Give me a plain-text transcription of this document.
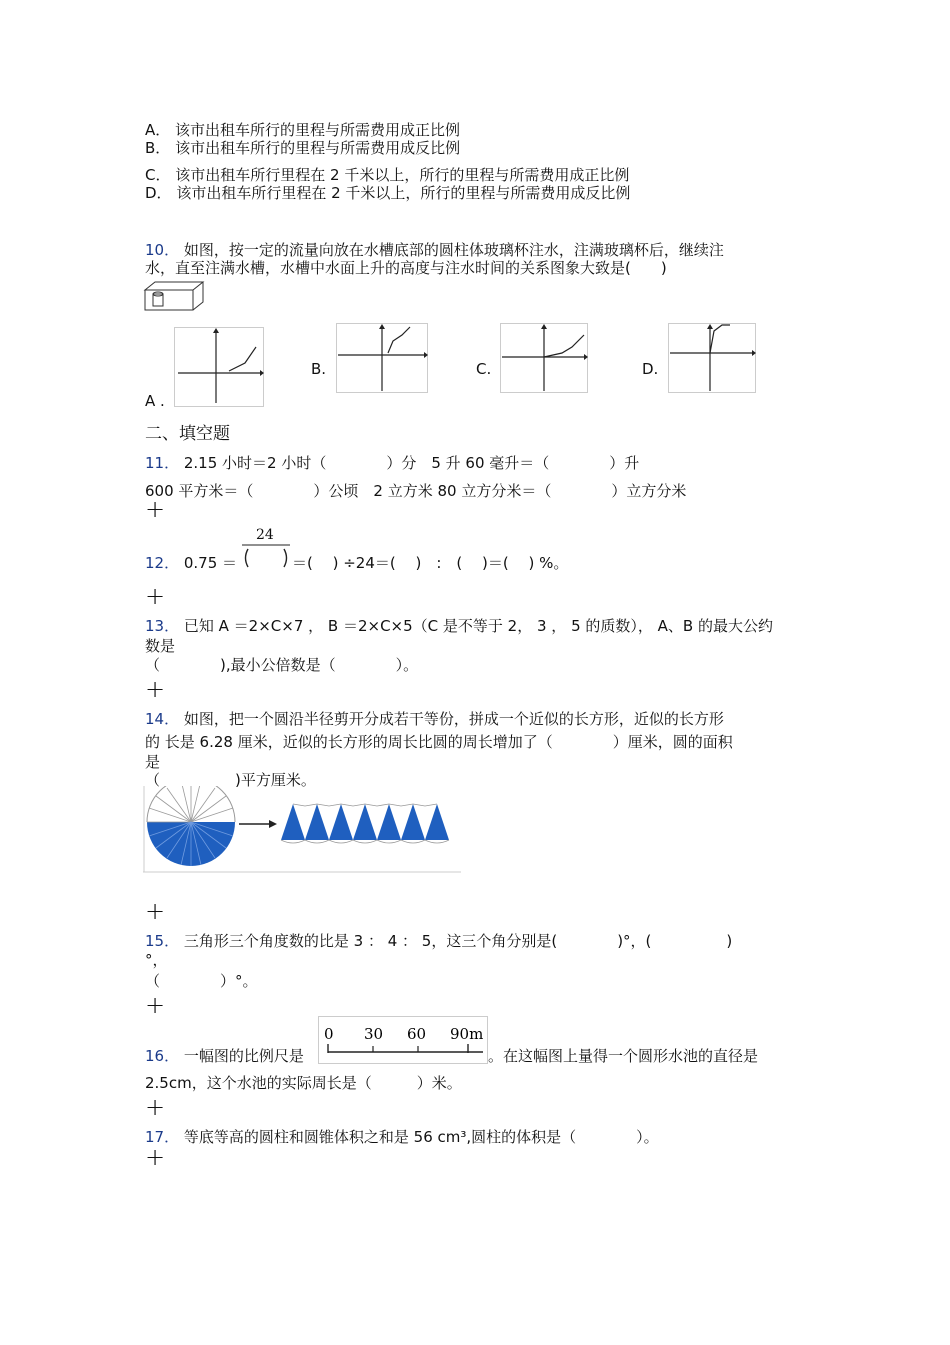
A． 该市出租车所行的里程与所需费用成正比例
B． 该市出租车所行的里程与所需费用成反比例
C． 该市出租车所行里程在 2 千米以上，所行的里程与所需费用成正比例
D． 该市出租车所行里程在 2 千米以上，所行的里程与所需费用成反比例
10． 如图，按一定的流量向放在水槽底部的圆柱体玻璃杯注水，注满玻璃杯后，继续注
水，直至注满水槽，水槽中水面上升的高度与注水时间的关系图象大致是(　　)
A .
B.	C.	D.
二、填空题
11． 2.15 小时＝2 小时（　　　　）分　5 升 60 毫升＝（　　　　）升
600 平方米＝（　　　　）公顷　2 立方米 80 立方分米＝（　　　　）立方分米
+
24
12． 0.75 ＝	＝(　 ) ÷24＝(　 )　:　(　 )＝(　 ) %。
+
13． 已知 A ＝2×C×7 ， B ＝2×C×5（C 是不等于 2， 3 ， 5 的质数）， A、B 的最大公约
数是
（　　　　),最小公倍数是（　　　　）。
+
14． 如图，把一个圆沿半径剪开分成若干等份，拼成一个近似的长方形，近似的长方形
的 长是 6.28 厘米，近似的长方形的周长比圆的周长增加了（　　　　）厘米，圆的面积
是
（　　　　　)平方厘米。
+
15． 三角形三个角度数的比是 3 ： 4 ： 5，这三个角分别是(　　　　)°，(　　　　　)
°，
（　　　　）°。
+
16． 一幅图的比例尺是
0 30 60 90m
。在这幅图上量得一个圆形水池的直径是
2.5cm，这个水池的实际周长是（　　　）米。
+
17． 等底等高的圆柱和圆锥体积之和是 56 cm³,圆柱的体积是（　　　　）。
+
